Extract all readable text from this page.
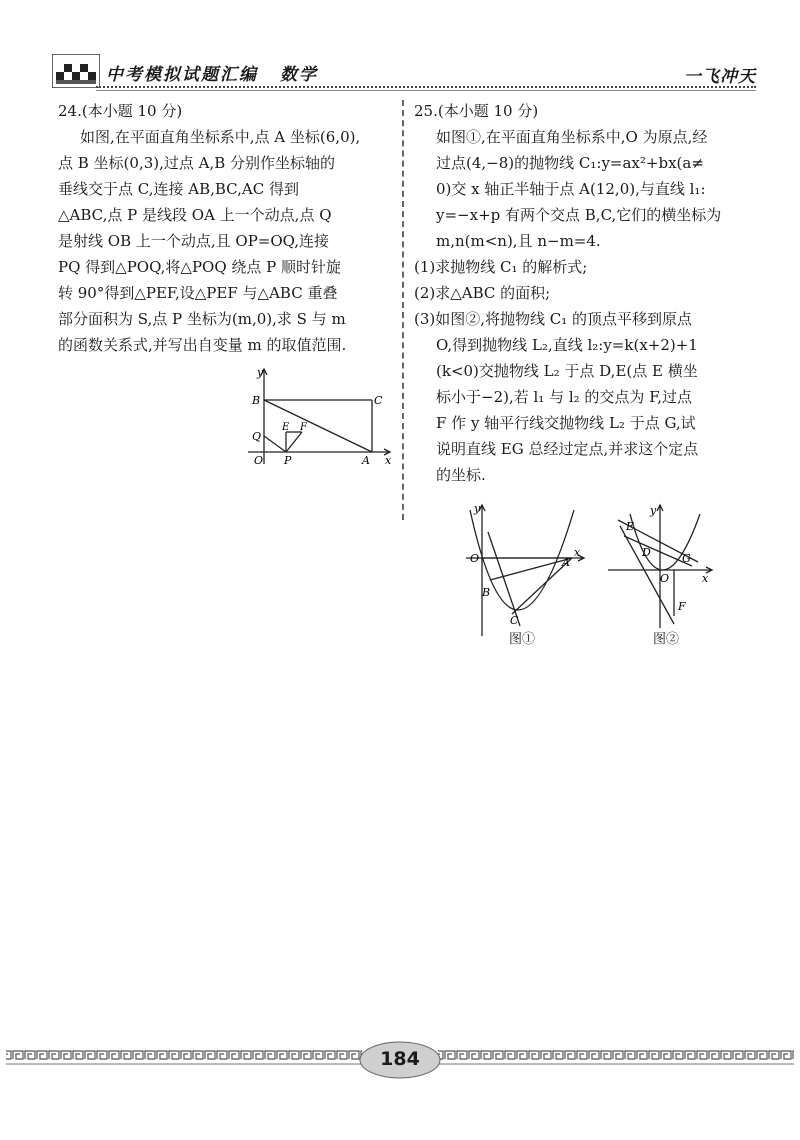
中考模拟试题汇编 数学	一飞冲天
24.(本小题 10 分)
如图,在平面直角坐标系中,点 A 坐标(6,0),
点 B 坐标(0,3),过点 A,B 分别作坐标轴的
垂线交于点 C,连接 AB,BC,AC 得到
△ABC,点 P 是线段 OA 上一个动点,点 Q
是射线 OB 上一个动点,且 OP=OQ,连接
PQ 得到△POQ,将△POQ 绕点 P 顺时针旋
转 90°得到△PEF,设△PEF 与△ABC 重叠
部分面积为 S,点 P 坐标为(m,0),求 S 与 m
的函数关系式,并写出自变量 m 的取值范围.
y
x
B	C
Q
E F
O P	A
25.(本小题 10 分)
如图①,在平面直角坐标系中,O 为原点,经
过点(4,−8)的抛物线 C₁:y=ax²+bx(a≠
0)交 x 轴正半轴于点 A(12,0),与直线 l₁:
y=−x+p 有两个交点 B,C,它们的横坐标为
m,n(m<n),且 n−m=4.
(1)求抛物线 C₁ 的解析式;
(2)求△ABC 的面积;
(3)如图②,将抛物线 C₁ 的顶点平移到原点
O,得到抛物线 L₂,直线 l₂:y=k(x+2)+1
(k<0)交抛物线 L₂ 于点 D,E(点 E 横坐
标小于−2),若 l₁ 与 l₂ 的交点为 F,过点
F 作 y 轴平行线交抛物线 L₂ 于点 G,试
说明直线 EG 总经过定点,并求这个定点
的坐标.
y
x
O	A
B
C
图①
y
x
E
D	G
O
F
图②
184
